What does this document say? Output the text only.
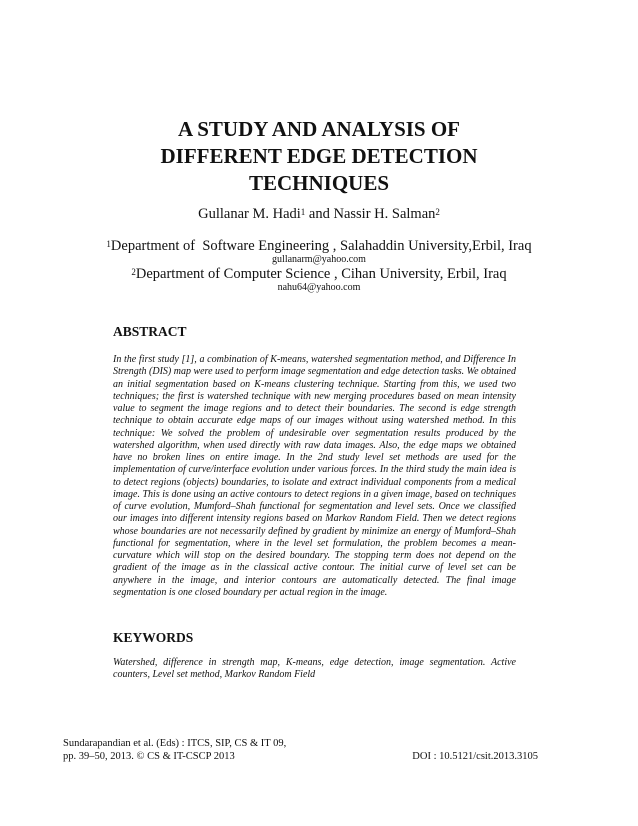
A STUDY AND ANALYSIS OF
DIFFERENT EDGE DETECTION
TECHNIQUES
Gullanar M. Hadi$^1$ and Nassir H. Salman$^2$
$^1$Department of  Software Engineering , Salahaddin University,Erbil, Iraq
gullanarm@yahoo.com
$^2$Department of Computer Science , Cihan University, Erbil, Iraq
nahu64@yahoo.com
ABSTRACT

In the first study [1], a combination of K-means, watershed segmentation method, and Difference In Strength (DIS) map were used to perform image segmentation and edge detection tasks. We obtained an initial segmentation based on K-means clustering technique. Starting from this, we used two techniques; the first is watershed technique with new merging procedures based on mean intensity value to segment the image regions and to detect their boundaries. The second is edge strength technique to obtain accurate edge maps of our images without using watershed method. In this technique: We solved the problem of undesirable over segmentation results produced by the watershed algorithm, when used directly with raw data images. Also, the edge maps we obtained have no broken lines on entire image. In the 2nd study level set methods are used for the implementation of curve/interface evolution under various forces. In the third study the main idea is to detect regions (objects) boundaries, to isolate and extract individual components from a medical image. This is done using an active contours to detect regions in a given image, based on techniques of curve evolution, Mumford–Shah functional for segmentation and level sets. Once we classified our images into different intensity regions based on Markov Random Field. Then we detect regions whose boundaries are not necessarily defined by gradient by minimize an energy of Mumford–Shah functional for segmentation, where in the level set formulation, the problem becomes a mean-curvature which will stop on the desired boundary. The stopping term does not depend on the gradient of the image as in the classical active contour. The initial curve of level set can be anywhere in the image, and interior contours are automatically detected. The final image segmentation is one closed boundary per actual region in the image.

KEYWORDS

Watershed, difference in strength map, K-means, edge detection, image segmentation. Active counters, Level set method, Markov Random Field

Sundarapandian et al. (Eds) : ITCS, SIP, CS & IT 09,
pp. 39–50, 2013. © CS & IT-CSCP 2013	DOI : 10.5121/csit.2013.3105
